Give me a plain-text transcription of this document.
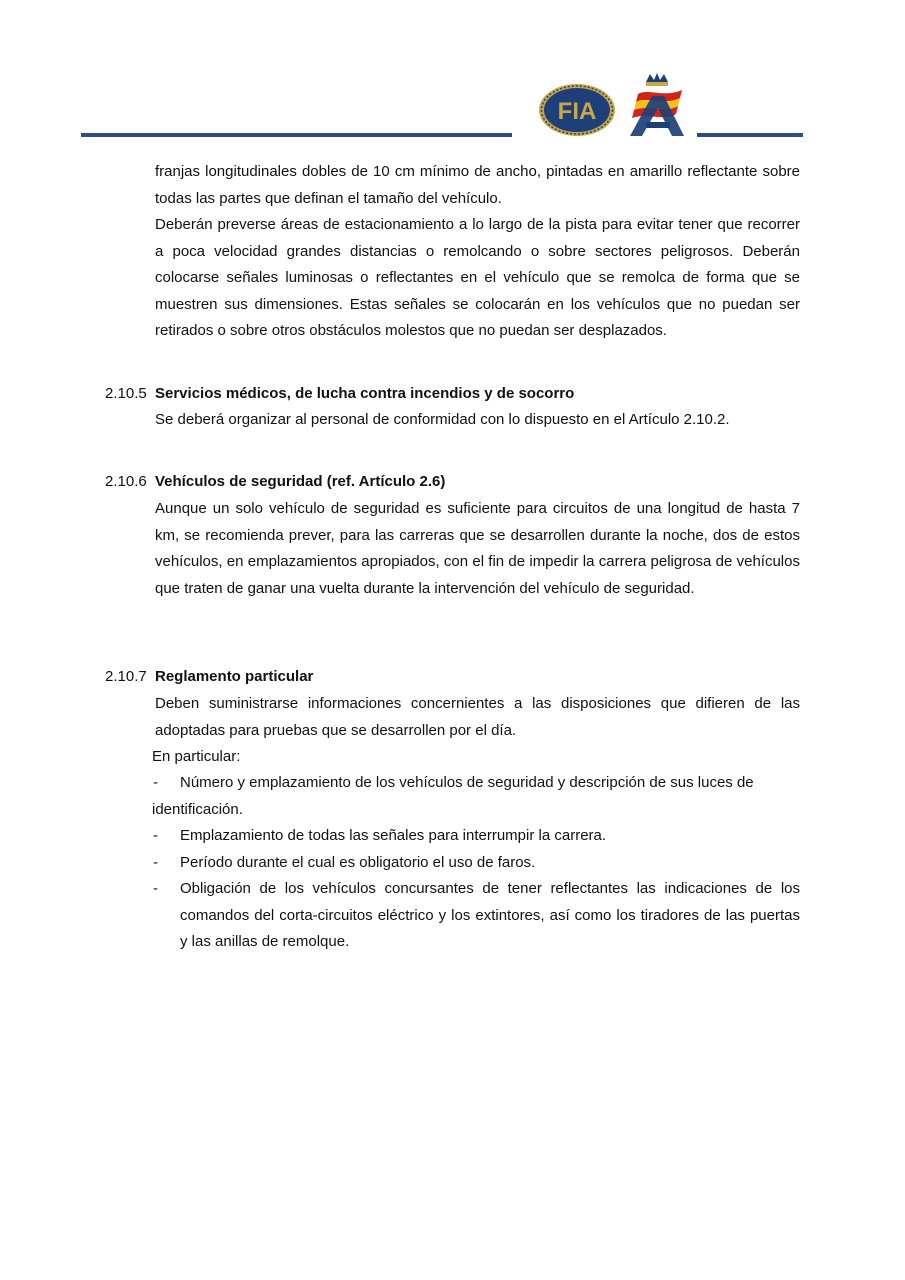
FIA

franjas longitudinales dobles de 10 cm mínimo de ancho, pintadas en amarillo reflectante sobre todas las partes que definan el tamaño del vehículo.

Deberán preverse áreas de estacionamiento a lo largo de la pista para evitar tener que recorrer a poca velocidad grandes distancias o remolcando o sobre sectores peligrosos. Deberán colocarse señales luminosas o reflectantes en el vehículo que se remolca de forma que se muestren sus dimensiones. Estas señales se colocarán en los vehículos que no puedan ser retirados o sobre otros obstáculos molestos que no puedan ser desplazados.

2.10.5 Servicios médicos, de lucha contra incendios y de socorro

Se deberá organizar al personal de conformidad con lo dispuesto en el Artículo 2.10.2.

2.10.6 Vehículos de seguridad (ref. Artículo 2.6)

Aunque un solo vehículo de seguridad es suficiente para circuitos de una longitud de hasta 7 km, se recomienda prever, para las carreras que se desarrollen durante la noche, dos de estos vehículos, en emplazamientos apropiados, con el fin de impedir la carrera peligrosa de vehículos que traten de ganar una vuelta durante la intervención del vehículo de seguridad.

2.10.7 Reglamento particular

Deben suministrarse informaciones concernientes a las disposiciones que difieren de las adoptadas para pruebas que se desarrollen por el día.

En particular:
- Número y emplazamiento de los vehículos de seguridad y descripción de sus luces de

identificación.
- Emplazamiento de todas las señales para interrumpir la carrera.

- Período durante el cual es obligatorio el uso de faros.

- Obligación de los vehículos concursantes de tener reflectantes las indicaciones de los comandos del corta-circuitos eléctrico y los extintores, así como los tiradores de las puertas y las anillas de remolque.
